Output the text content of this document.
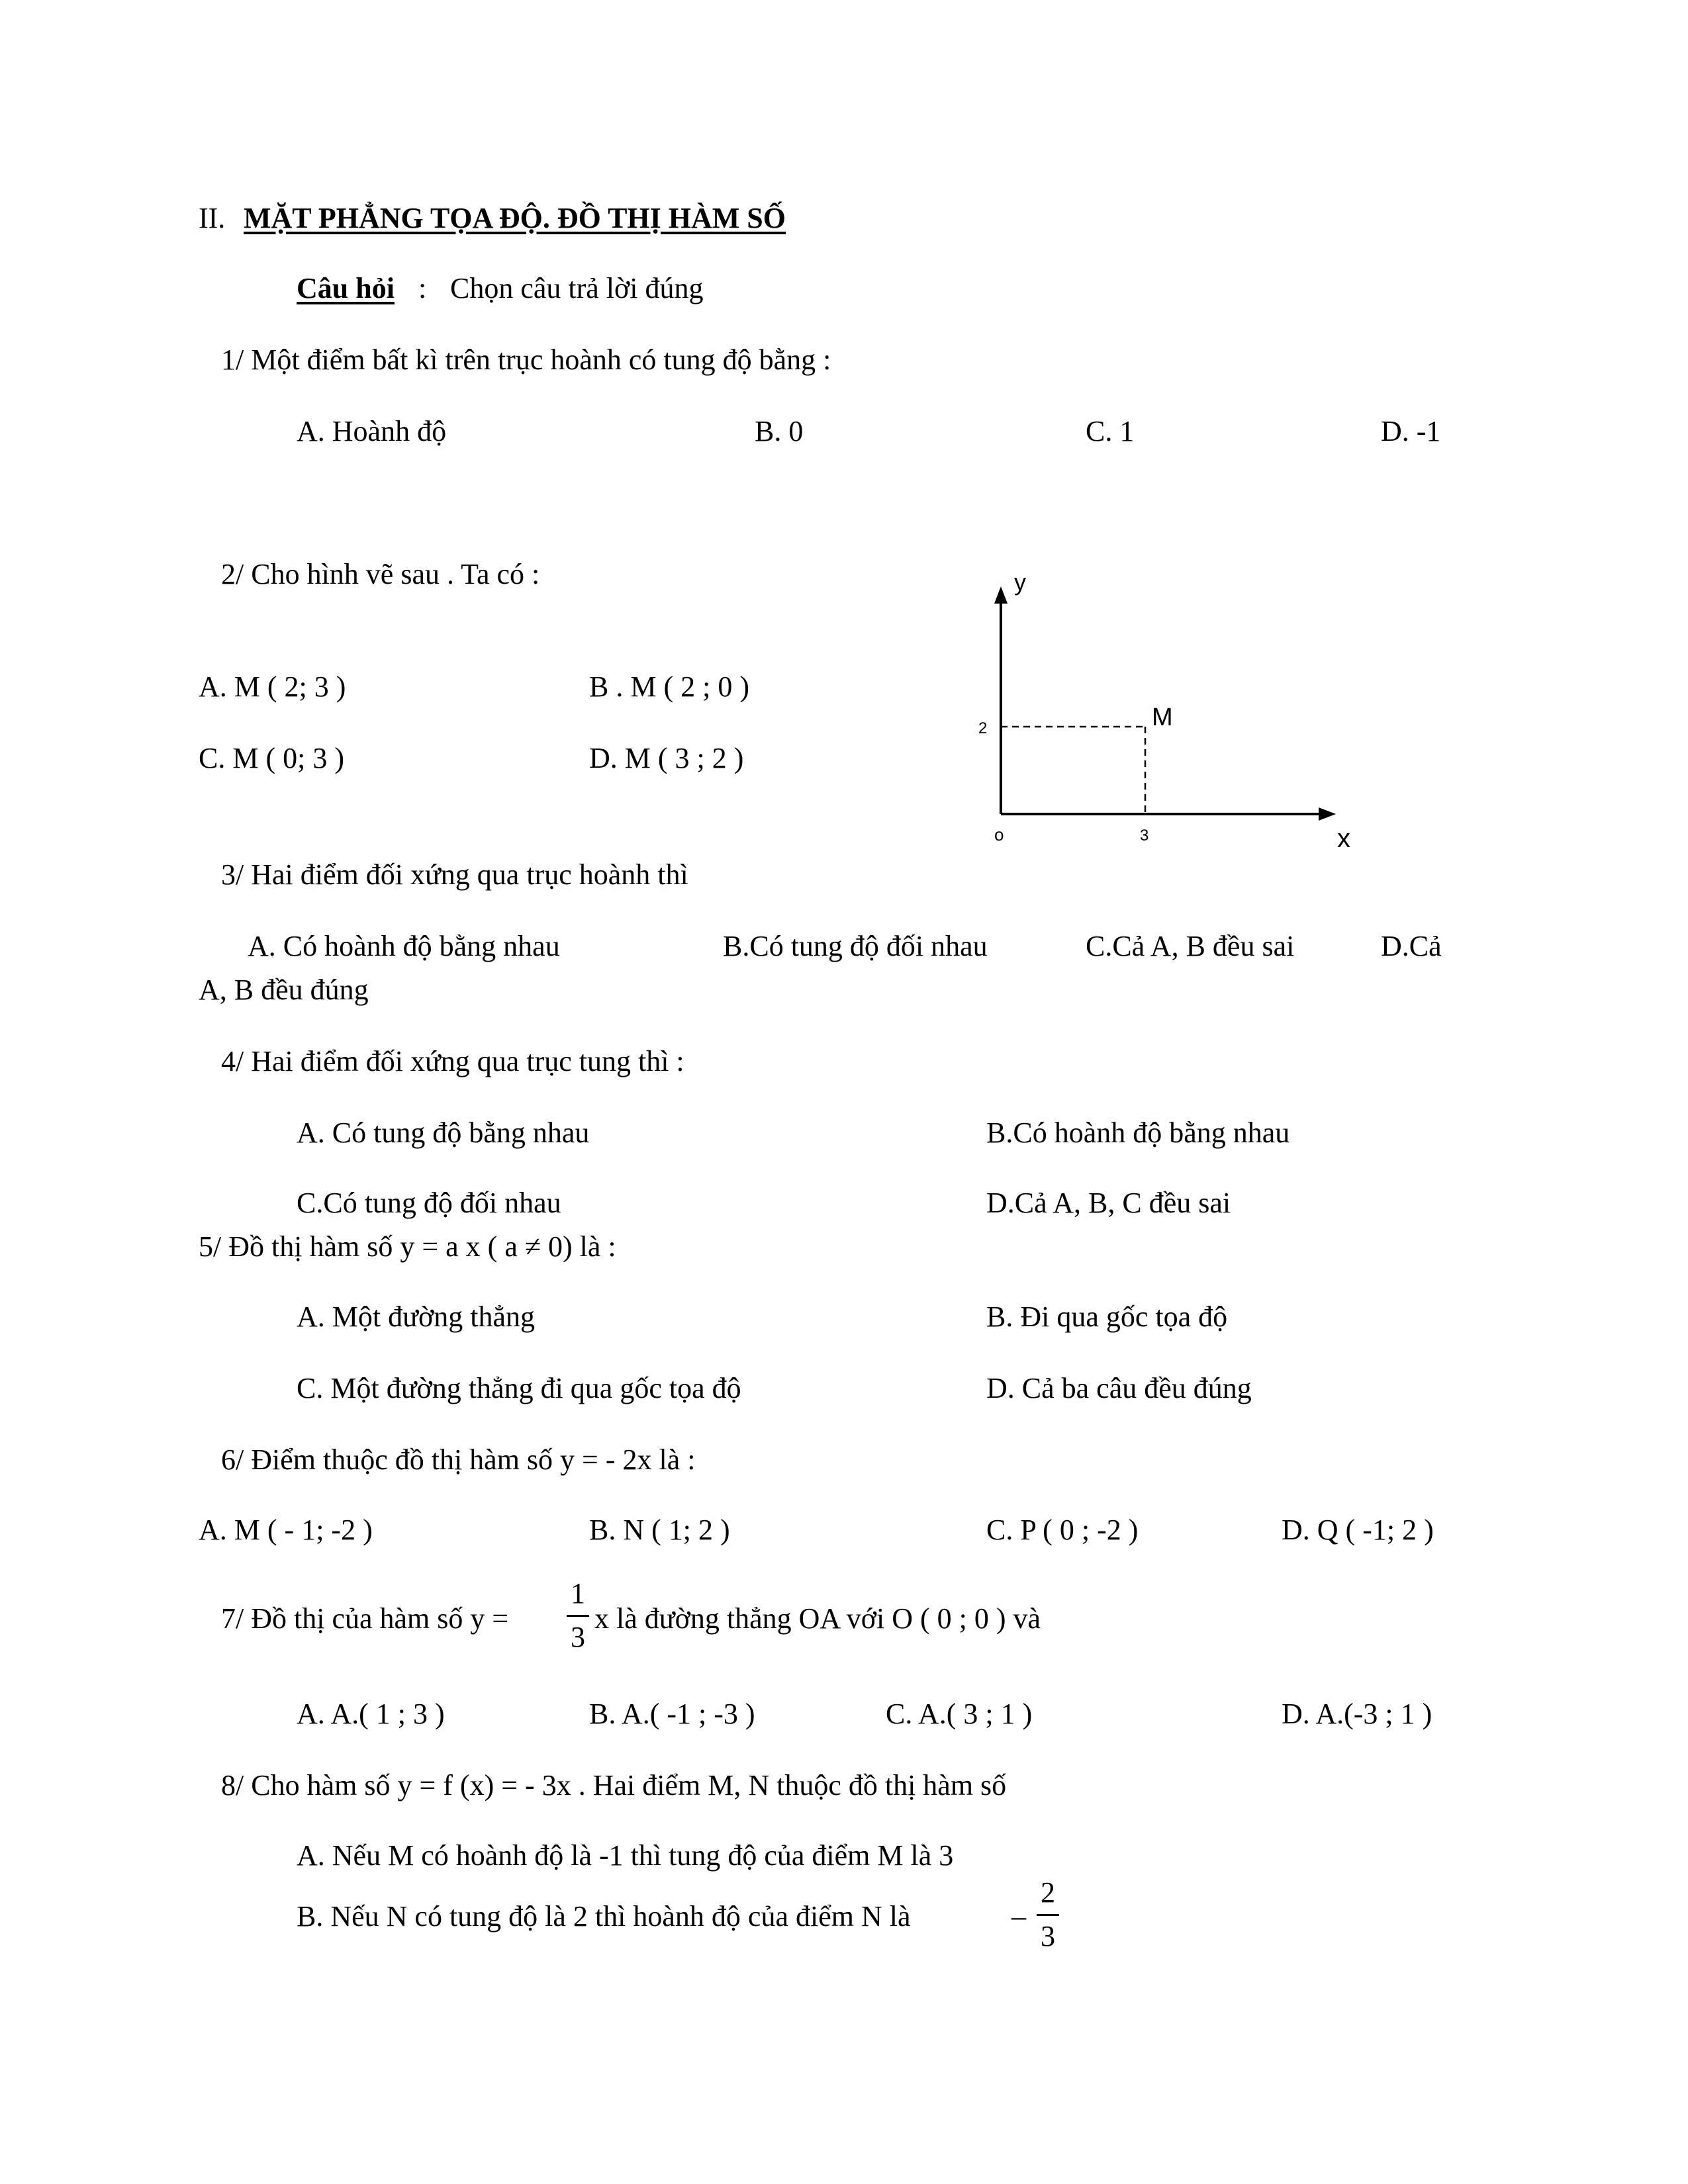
II. MẶT PHẲNG TỌA ĐỘ. ĐỒ THỊ HÀM SỐ
Câu hỏi : Chọn câu trả lời đúng
1/ Một điểm bất kì trên trục hoành có tung độ bằng :
A. Hoành độ	B. 0	C. 1	D. -1
2/ Cho hình vẽ sau . Ta có :
A. M ( 2; 3 )	B . M ( 2 ; 0 )
C. M ( 0; 3 )	D. M ( 3 ; 2 )
y
x
o
2
3
M
3/ Hai điểm đối xứng qua trục hoành thì
A. Có hoành độ bằng nhau	B.Có tung độ đối nhau	C.Cả A, B đều sai	D.Cả
A, B đều đúng
4/ Hai điểm đối xứng qua trục tung thì :
A. Có tung độ bằng nhau	B.Có hoành độ bằng nhau
C.Có tung độ đối nhau	D.Cả A, B, C đều sai
5/ Đồ thị hàm số y = a x ( a ≠ 0) là :
A. Một đường thẳng	B. Đi qua gốc tọa độ
C. Một đường thẳng đi qua gốc tọa độ	D. Cả ba câu đều đúng
6/ Điểm thuộc đồ thị hàm số y = - 2x là :
A. M ( - 1; -2 )	B. N ( 1; 2 )	C. P ( 0 ; -2 )	D. Q ( -1; 2 )
7/ Đồ thị của hàm số y =
1
3
x là đường thẳng OA với O ( 0 ; 0 ) và
A. A.( 1 ; 3 )	B. A.( -1 ; -3 )	C. A.( 3 ; 1 )	D. A.(-3 ; 1 )
8/ Cho hàm số y = f (x) = - 3x . Hai điểm M, N thuộc đồ thị hàm số
A. Nếu M có hoành độ là -1 thì tung độ của điểm M là 3
B. Nếu N có tung độ là 2 thì hoành độ của điểm N là	–
2
3
